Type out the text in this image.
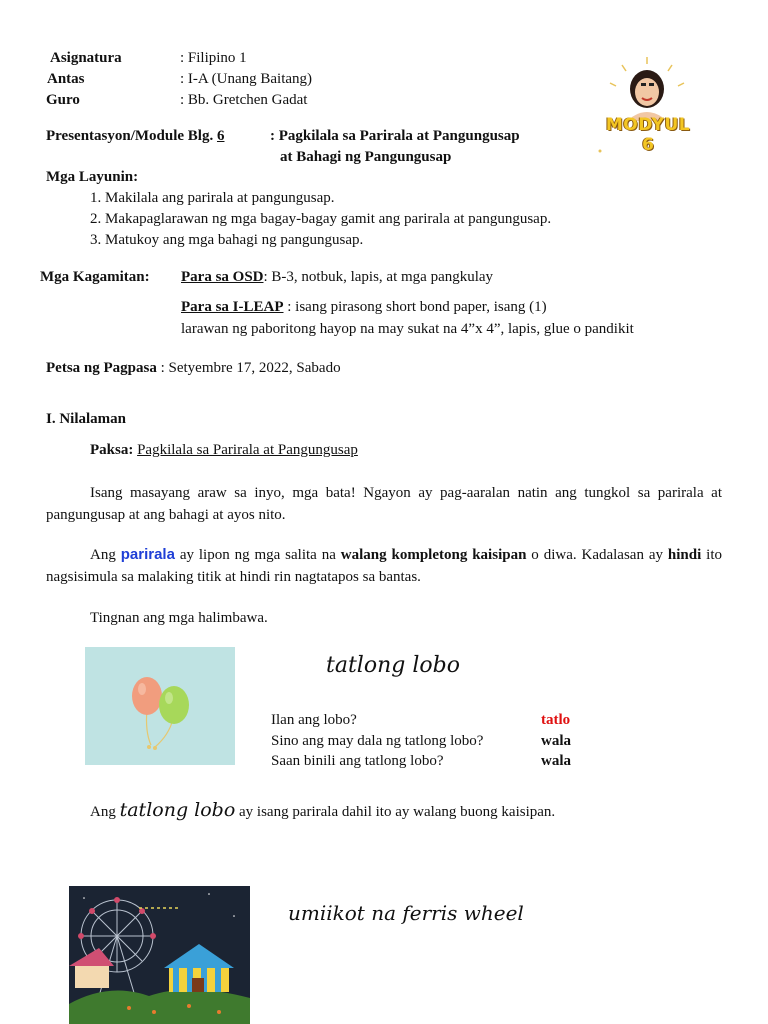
Asignatura	: Filipino 1
Antas	: I-A (Unang Baitang)
Guro	: Bb. Gretchen Gadat
MODYUL
6
Presentasyon/Module Blg. 6	: Pagkilala sa Parirala at Pangungusap
at Bahagi ng Pangungusap
Mga Layunin:
1. Makilala ang parirala at pangungusap.
2. Makapaglarawan ng mga bagay-bagay gamit ang parirala at pangungusap.
3. Matukoy ang mga bahagi ng pangungusap.
Mga Kagamitan: Para sa OSD: B-3, notbuk, lapis, at mga pangkulay
Para sa I-LEAP : isang pirasong short bond paper, isang (1)
larawan ng paboritong hayop na may sukat na 4”x 4”, lapis, glue o pandikit
Petsa ng Pagpasa : Setyembre 17, 2022, Sabado
I. Nilalaman
Paksa: Pagkilala sa Parirala at Pangungusap
Isang masayang araw sa inyo, mga bata! Ngayon ay pag-aaralan natin ang tungkol sa parirala at pangungusap at ang bahagi at ayos nito.
Ang parirala ay lipon ng mga salita na walang kompletong kaisipan o diwa. Kadalasan ay hindi ito nagsisimula sa malaking titik at hindi rin nagtatapos sa bantas.
Tingnan ang mga halimbawa.
tatlong lobo
Ilan ang lobo?	tatlo
Sino ang may dala ng tatlong lobo?	wala
Saan binili ang tatlong lobo?	wala
Ang tatlong lobo ay isang parirala dahil ito ay walang buong kaisipan.
umiikot na ferris wheel
